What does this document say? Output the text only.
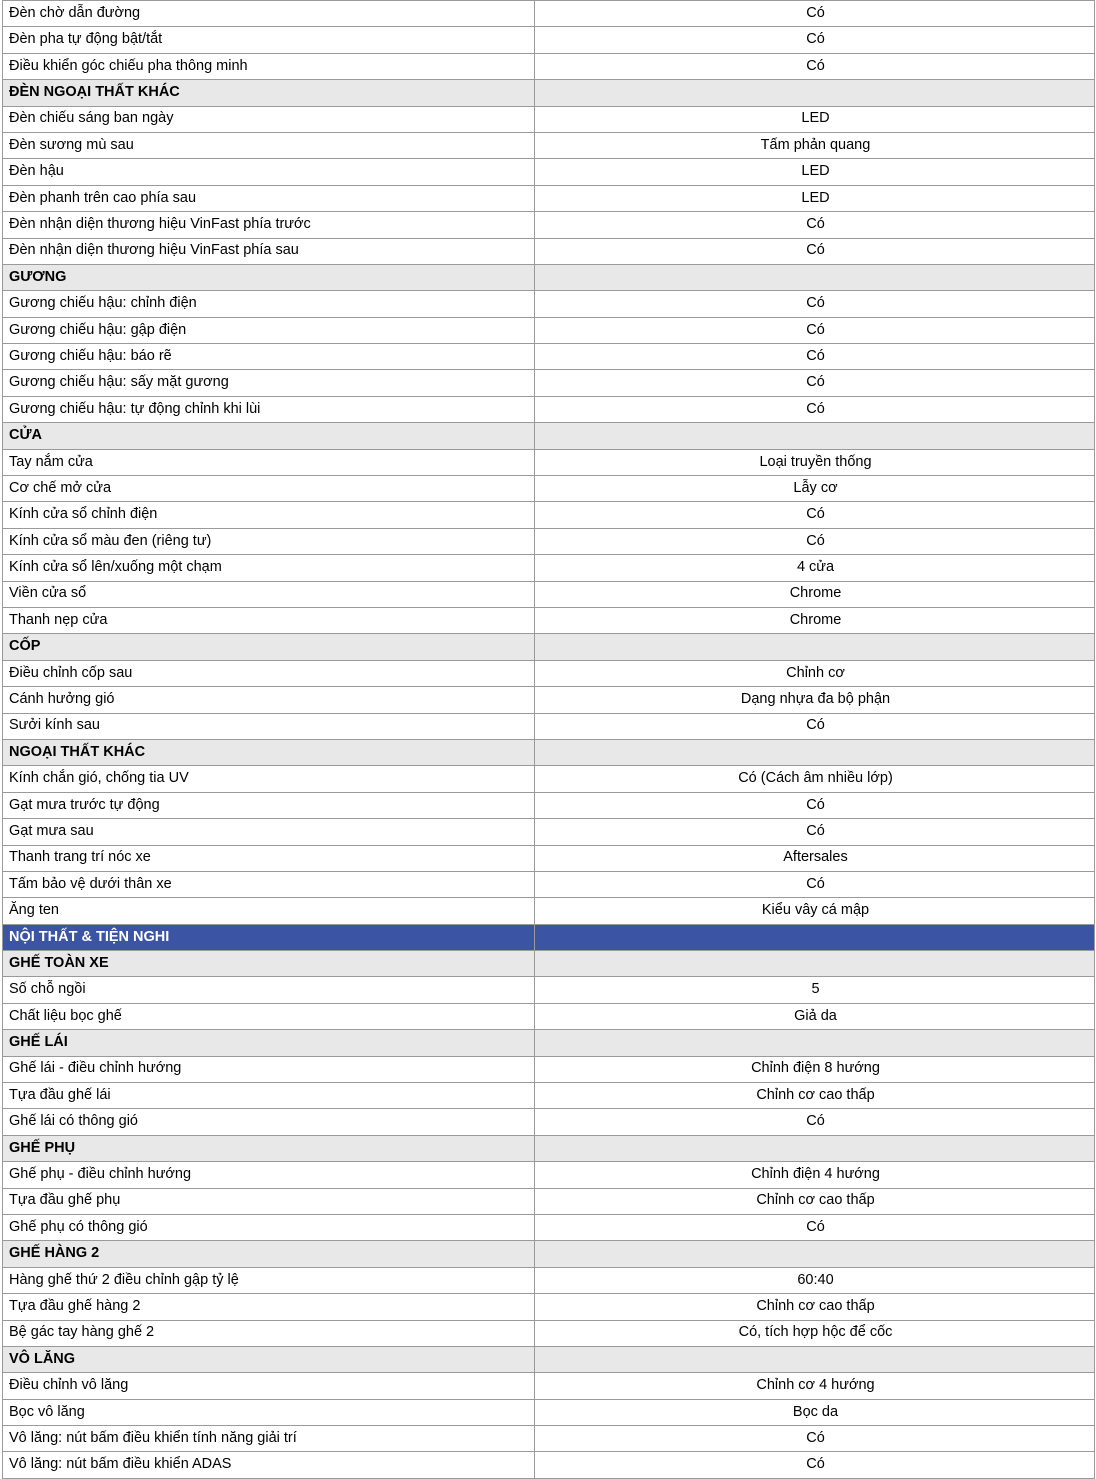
Đèn chờ dẫn đường	Có
Đèn pha tự động bật/tắt	Có
Điều khiển góc chiếu pha thông minh	Có
ĐÈN NGOẠI THẤT KHÁC	
Đèn chiếu sáng ban ngày	LED
Đèn sương mù sau	Tấm phản quang
Đèn hậu	LED
Đèn phanh trên cao phía sau	LED
Đèn nhận diện thương hiệu VinFast phía trước	Có
Đèn nhận diện thương hiệu VinFast phía sau	Có
GƯƠNG	
Gương chiếu hậu: chỉnh điện	Có
Gương chiếu hậu: gập điện	Có
Gương chiếu hậu: báo rẽ	Có
Gương chiếu hậu: sấy mặt gương	Có
Gương chiếu hậu: tự động chỉnh khi lùi	Có
CỬA	
Tay nắm cửa	Loại truyền thống
Cơ chế mở cửa	Lẫy cơ
Kính cửa sổ chỉnh điện	Có
Kính cửa sổ màu đen (riêng tư)	Có
Kính cửa sổ lên/xuống một chạm	4 cửa
Viền cửa sổ	Chrome
Thanh nẹp cửa	Chrome
CỐP	
Điều chỉnh cốp sau	Chỉnh cơ
Cánh hưởng gió	Dạng nhựa đa bộ phận
Sưởi kính sau	Có
NGOẠI THẤT KHÁC	
Kính chắn gió, chống tia UV	Có (Cách âm nhiều lớp)
Gạt mưa trước tự động	Có
Gạt mưa sau	Có
Thanh trang trí nóc xe	Aftersales
Tấm bảo vệ dưới thân xe	Có
Ăng ten	Kiểu vây cá mập
NỘI THẤT & TIỆN NGHI	
GHẾ TOÀN XE	
Số chỗ ngồi	5
Chất liệu bọc ghế	Giả da
GHẾ LÁI	
Ghế lái - điều chỉnh hướng	Chỉnh điện 8 hướng
Tựa đầu ghế lái	Chỉnh cơ cao thấp
Ghế lái có thông gió	Có
GHẾ PHỤ	
Ghế phụ - điều chỉnh hướng	Chỉnh điện 4 hướng
Tựa đầu ghế phụ	Chỉnh cơ cao thấp
Ghế phụ có thông gió	Có
GHẾ HÀNG 2	
Hàng ghế thứ 2 điều chỉnh gập tỷ lệ	60:40
Tựa đầu ghế hàng 2	Chỉnh cơ cao thấp
Bệ gác tay hàng ghế 2	Có, tích hợp hộc để cốc
VÔ LĂNG	
Điều chỉnh vô lăng	Chỉnh cơ 4 hướng
Bọc vô lăng	Bọc da
Vô lăng: nút bấm điều khiển tính năng giải trí	Có
Vô lăng: nút bấm điều khiển ADAS	Có
